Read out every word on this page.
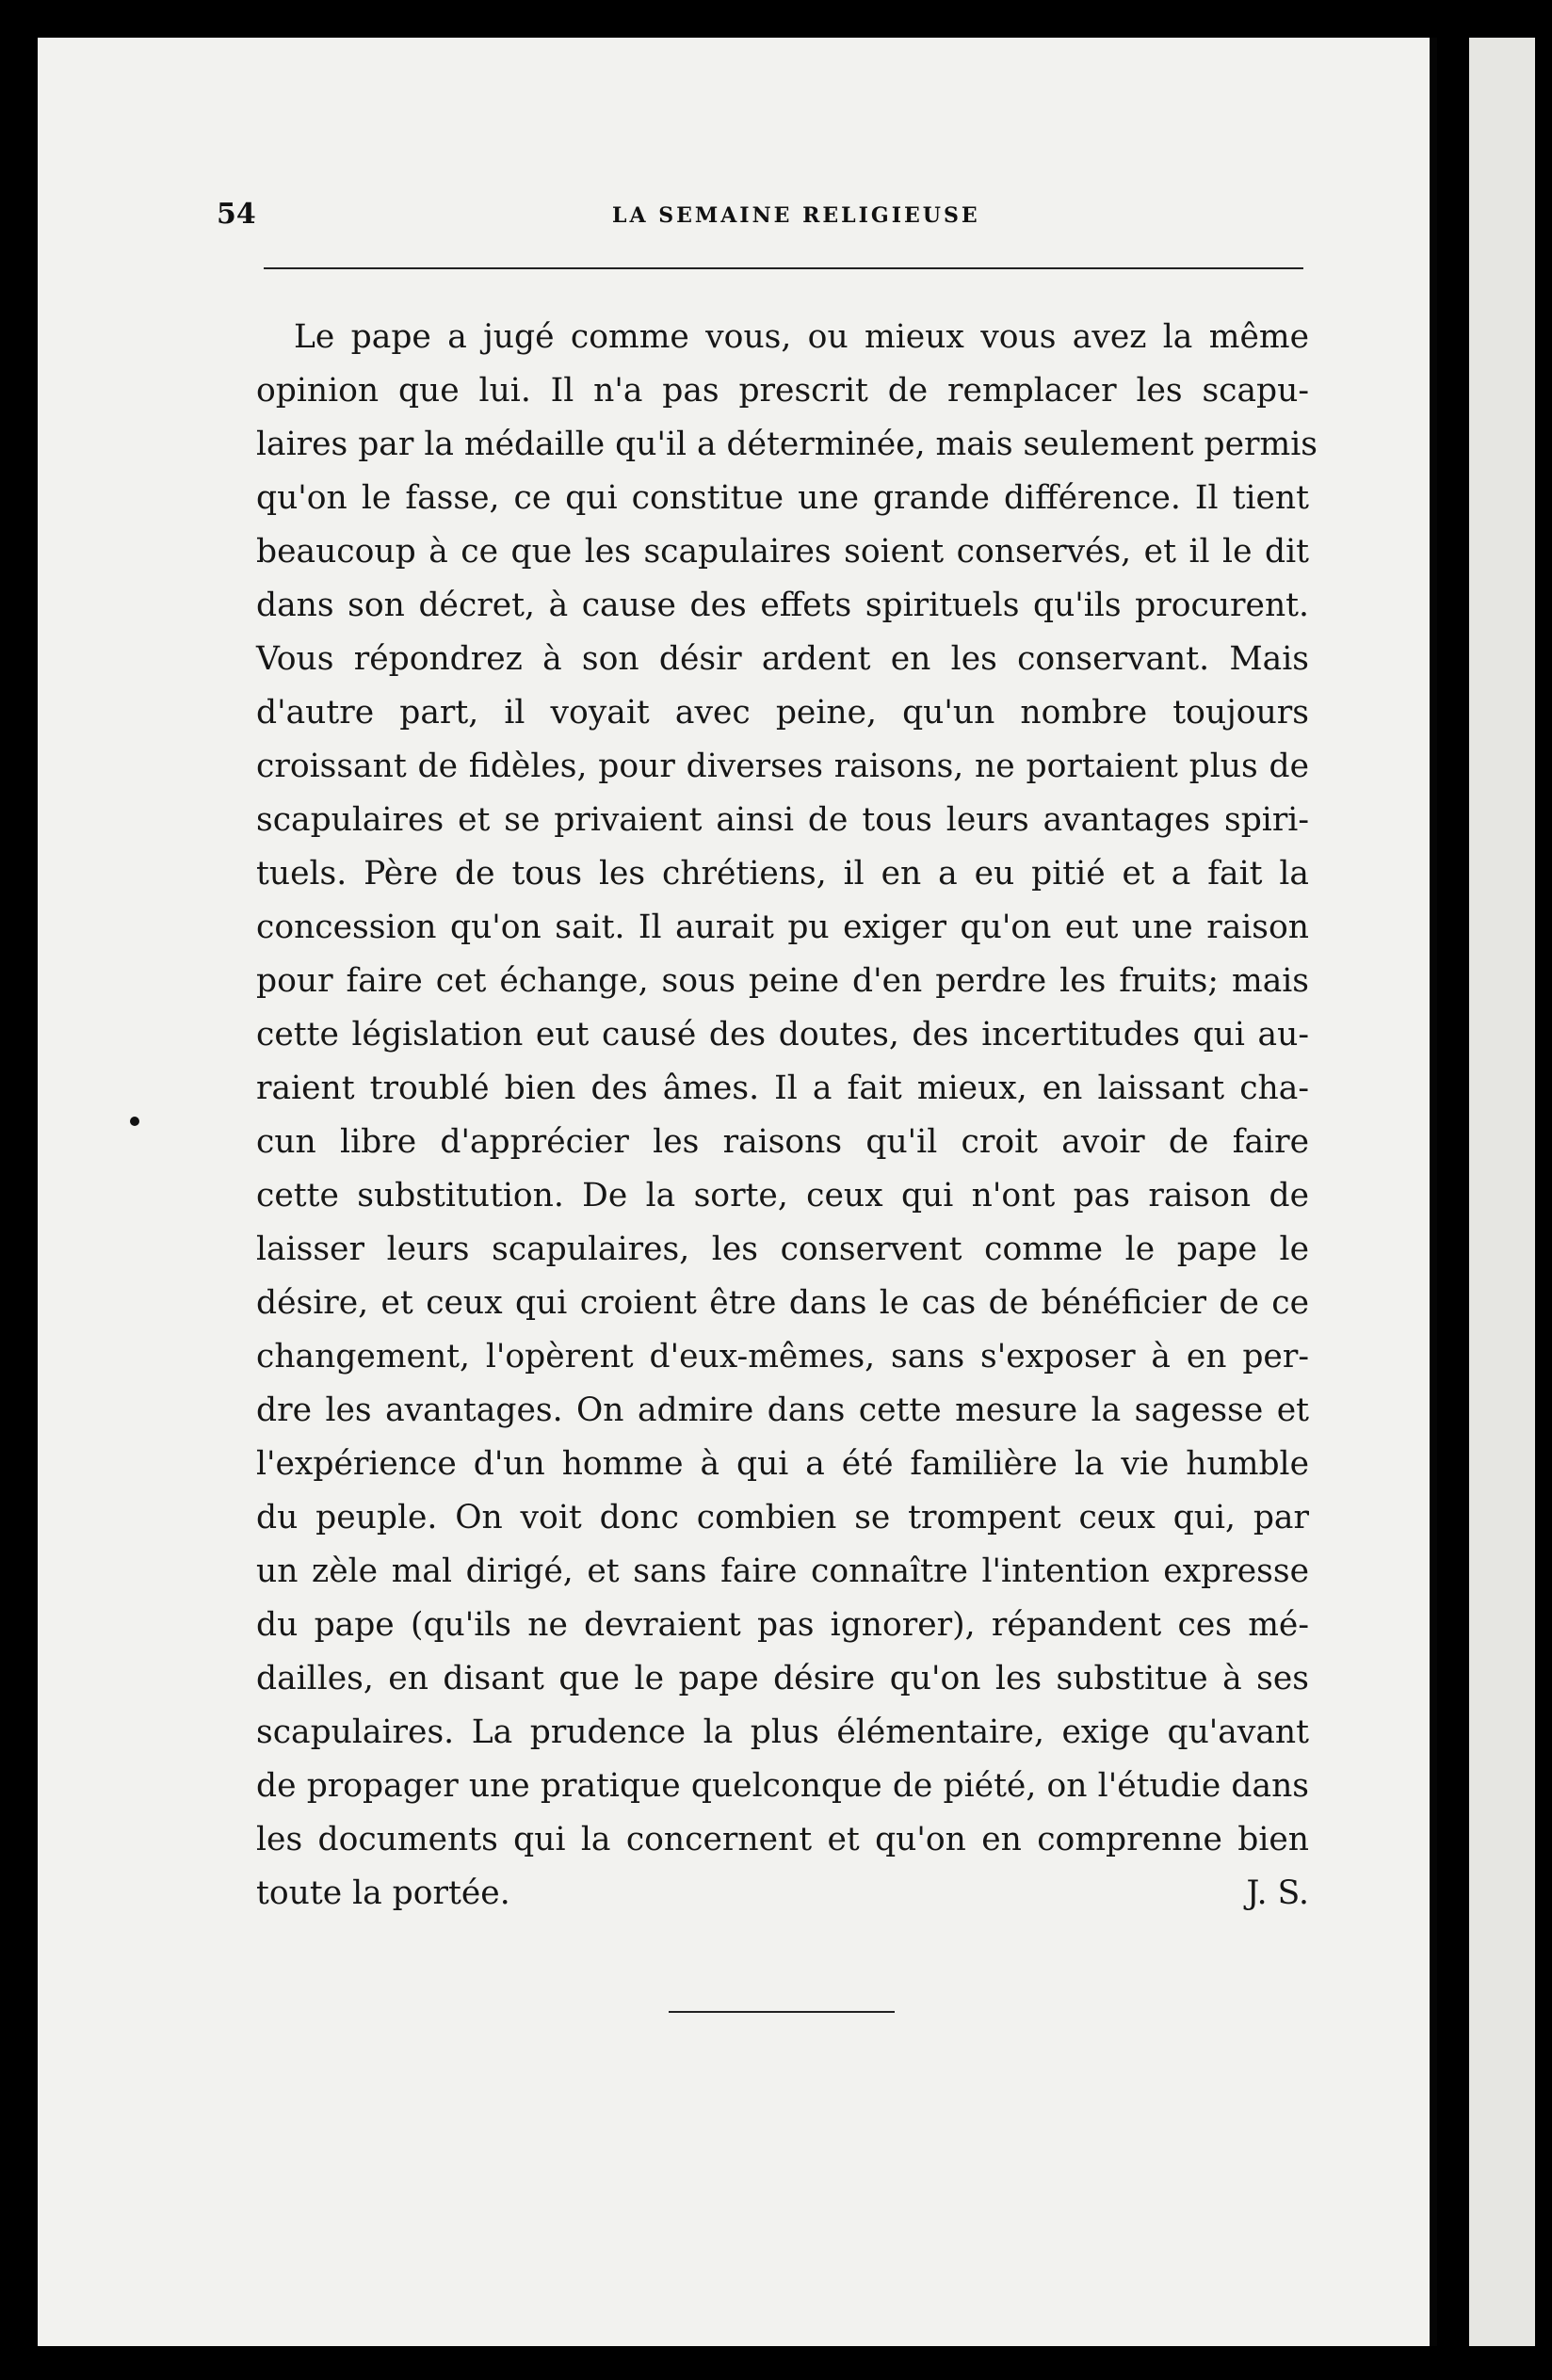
54	LA SEMAINE RELIGIEUSE
Le pape a jugé comme vous, ou mieux vous avez la même
opinion que lui. Il n'a pas prescrit de remplacer les scapu-
laires par la médaille qu'il a déterminée, mais seulement permis
qu'on le fasse, ce qui constitue une grande différence. Il tient
beaucoup à ce que les scapulaires soient conservés, et il le dit
dans son décret, à cause des effets spirituels qu'ils procurent.
Vous répondrez à son désir ardent en les conservant. Mais
d'autre part, il voyait avec peine, qu'un nombre toujours
croissant de fidèles, pour diverses raisons, ne portaient plus de
scapulaires et se privaient ainsi de tous leurs avantages spiri-
tuels. Père de tous les chrétiens, il en a eu pitié et a fait la
concession qu'on sait. Il aurait pu exiger qu'on eut une raison
pour faire cet échange, sous peine d'en perdre les fruits; mais
cette législation eut causé des doutes, des incertitudes qui au-
raient troublé bien des âmes. Il a fait mieux, en laissant cha-
cun libre d'apprécier les raisons qu'il croit avoir de faire
cette substitution. De la sorte, ceux qui n'ont pas raison de
laisser leurs scapulaires, les conservent comme le pape le
désire, et ceux qui croient être dans le cas de bénéficier de ce
changement, l'opèrent d'eux-mêmes, sans s'exposer à en per-
dre les avantages. On admire dans cette mesure la sagesse et
l'expérience d'un homme à qui a été familière la vie humble
du peuple. On voit donc combien se trompent ceux qui, par
un zèle mal dirigé, et sans faire connaître l'intention expresse
du pape (qu'ils ne devraient pas ignorer), répandent ces mé-
dailles, en disant que le pape désire qu'on les substitue à ses
scapulaires. La prudence la plus élémentaire, exige qu'avant
de propager une pratique quelconque de piété, on l'étudie dans
les documents qui la concernent et qu'on en comprenne bien
toute la portée.	J. S.
